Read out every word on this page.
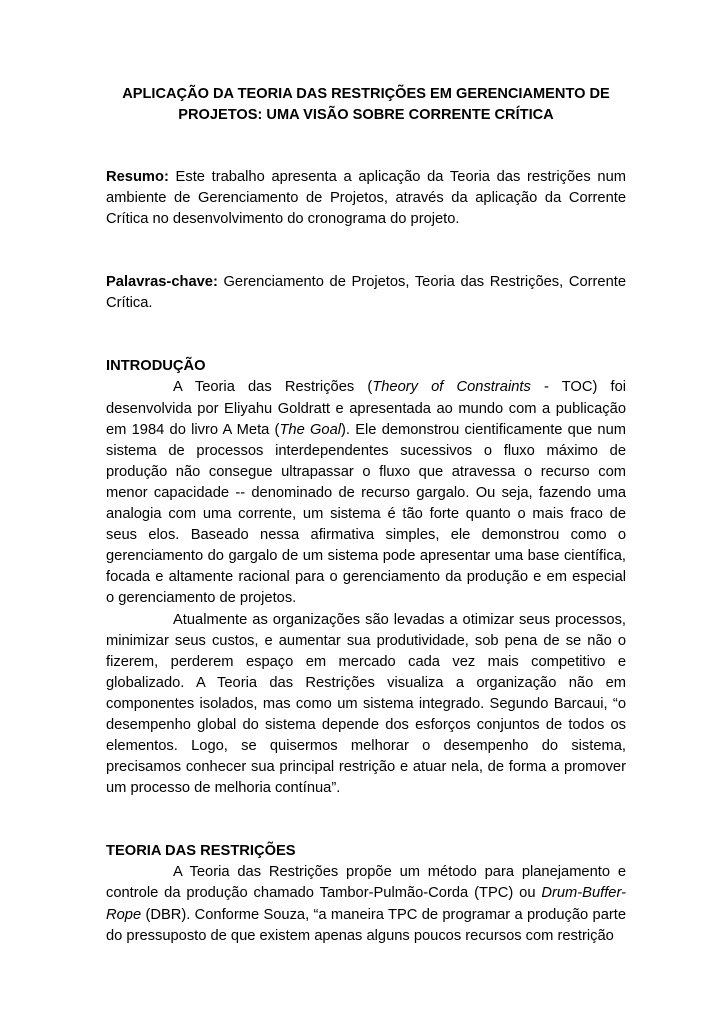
APLICAÇÃO DA TEORIA DAS RESTRIÇÕES EM GERENCIAMENTO DE PROJETOS: UMA VISÃO SOBRE CORRENTE CRÍTICA

Resumo: Este trabalho apresenta a aplicação da Teoria das restrições num ambiente de Gerenciamento de Projetos, através da aplicação da Corrente Crítica no desenvolvimento do cronograma do projeto.

Palavras-chave: Gerenciamento de Projetos, Teoria das Restrições, Corrente Crítica.

INTRODUÇÃO

A Teoria das Restrições (Theory of Constraints - TOC) foi desenvolvida por Eliyahu Goldratt e apresentada ao mundo com a publicação em 1984 do livro A Meta (The Goal). Ele demonstrou cientificamente que num sistema de processos interdependentes sucessivos o fluxo máximo de produção não consegue ultrapassar o fluxo que atravessa o recurso com menor capacidade -- denominado de recurso gargalo. Ou seja, fazendo uma analogia com uma corrente, um sistema é tão forte quanto o mais fraco de seus elos. Baseado nessa afirmativa simples, ele demonstrou como o gerenciamento do gargalo de um sistema pode apresentar uma base científica, focada e altamente racional para o gerenciamento da produção e em especial o gerenciamento de projetos.

Atualmente as organizações são levadas a otimizar seus processos, minimizar seus custos, e aumentar sua produtividade, sob pena de se não o fizerem, perderem espaço em mercado cada vez mais competitivo e globalizado. A Teoria das Restrições visualiza a organização não em componentes isolados, mas como um sistema integrado. Segundo Barcaui, “o desempenho global do sistema depende dos esforços conjuntos de todos os elementos. Logo, se quisermos melhorar o desempenho do sistema, precisamos conhecer sua principal restrição e atuar nela, de forma a promover um processo de melhoria contínua”.

TEORIA DAS RESTRIÇÕES

A Teoria das Restrições propõe um método para planejamento e controle da produção chamado Tambor-Pulmão-Corda (TPC) ou Drum-Buffer-Rope (DBR). Conforme Souza, “a maneira TPC de programar a produção parte do pressuposto de que existem apenas alguns poucos recursos com restrição
